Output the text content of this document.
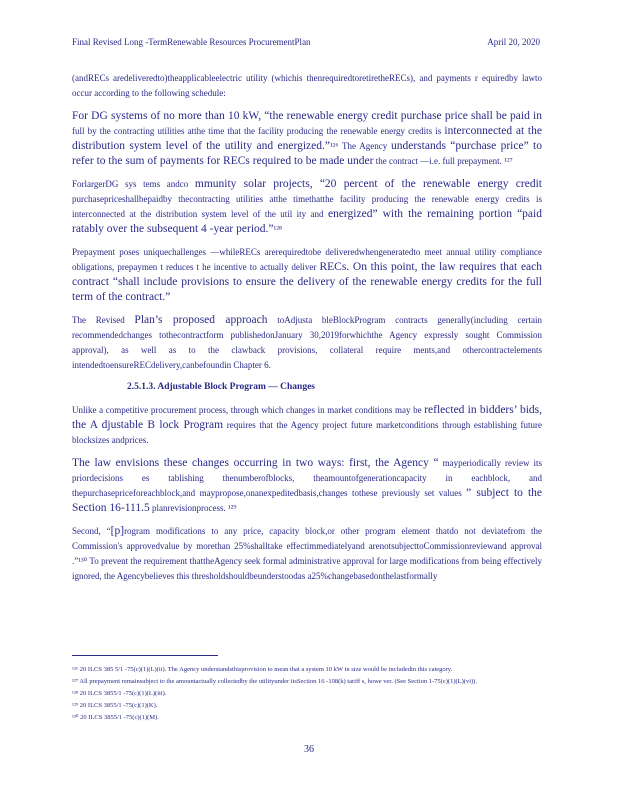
Final Revised Long -TermRenewable Resources ProcurementPlan	April 20, 2020

(andRECs aredeliveredto)theapplicableelectric utility (whichis thenrequiredtoretiretheRECs), and payments r equiredby lawto occur according to the following schedule:

For DG systems of no more than 10 kW, “the renewable energy credit purchase price shall be paid in full by the contracting utilities atthe time that the facility producing the renewable energy credits is interconnected at the distribution system level of the utility and energized.”¹²⁶ The Agency understands “purchase price” to refer to the sum of payments for RECs required to be made under the contract —i.e. full prepayment. ¹²⁷

ForlargerDG sys tems andco mmunity solar projects, “20 percent of the renewable energy credit purchasepriceshallbepaidby thecontracting utilities atthe timethatthe facility producing the renewable energy credits is interconnected at the distribution system level of the util ity and energized” with the remaining portion “paid ratably over the subsequent 4 -year period.”¹²⁸

Prepayment poses uniquechallenges —whileRECs arerequiredtobe deliveredwhengeneratedto meet annual utility compliance obligations, prepaymen t reduces t he incentive to actually deliver RECs. On this point, the law requires that each contract “shall include provisions to ensure the delivery of the renewable energy credits for the full term of the contract.”

The Revised Plan’s proposed approach toAdjusta bleBlockProgram contracts generally(including certain recommendedchanges tothecontractform publishedonJanuary 30,2019forwhichthe Agency expressly sought Commission approval), as well as to the clawback provisions, collateral require ments,and othercontractelements intendedtoensureRECdelivery,canbefoundin Chapter 6.

2.5.1.3. Adjustable Block Program — Changes

Unlike a competitive procurement process, through which changes in market conditions may be reflected in bidders’ bids, the A djustable B lock Program requires that the Agency project future marketconditions through establishing future blocksizes andprices.

The law envisions these changes occurring in two ways: first, the Agency “ mayperiodically review its priordecisions es tablishing thenumberofblocks, theamountofgenerationcapacity in eachblock, and thepurchasepriceforeachblock,and maypropose,onanexpeditedbasis,changes tothese previously set values ” subject to the Section 16-111.5 planrevisionprocess. ¹²⁹

Second, “[p]rogram modifications to any price, capacity block,or other program element thatdo not deviatefrom the Commission's approvedvalue by morethan 25%shalltake effectimmediatelyand arenotsubjecttoCommissionreviewand approval .”¹³⁰ To prevent the requirement thattheAgency seek formal administrative approval for large modifications from being effectively ignored, the Agencybelieves this thresholdshouldbeunderstoodas a25%changebasedonthelastformally

¹²⁶ 20 ILCS 385 5/1 -75(c)(1)(L)(ii). The Agency understandsthisprovision to mean that a system 10 kW in size would be includedin this category.
¹²⁷ All prepayment remainsubject to the amountactually collectedby the utilityunder itsSection 16 -108(k) tariff s, howe ver. (See Section 1-75(c)(1)(L)(vi)).
¹²⁸ 20 ILCS 3855/1 -75(c)(1)(L)(iii).
¹²⁹ 20 ILCS 3855/1 -75(c)(1)(K).
¹³⁰ 20 ILCS 3855/1 -75(c)(1)(M).
36
